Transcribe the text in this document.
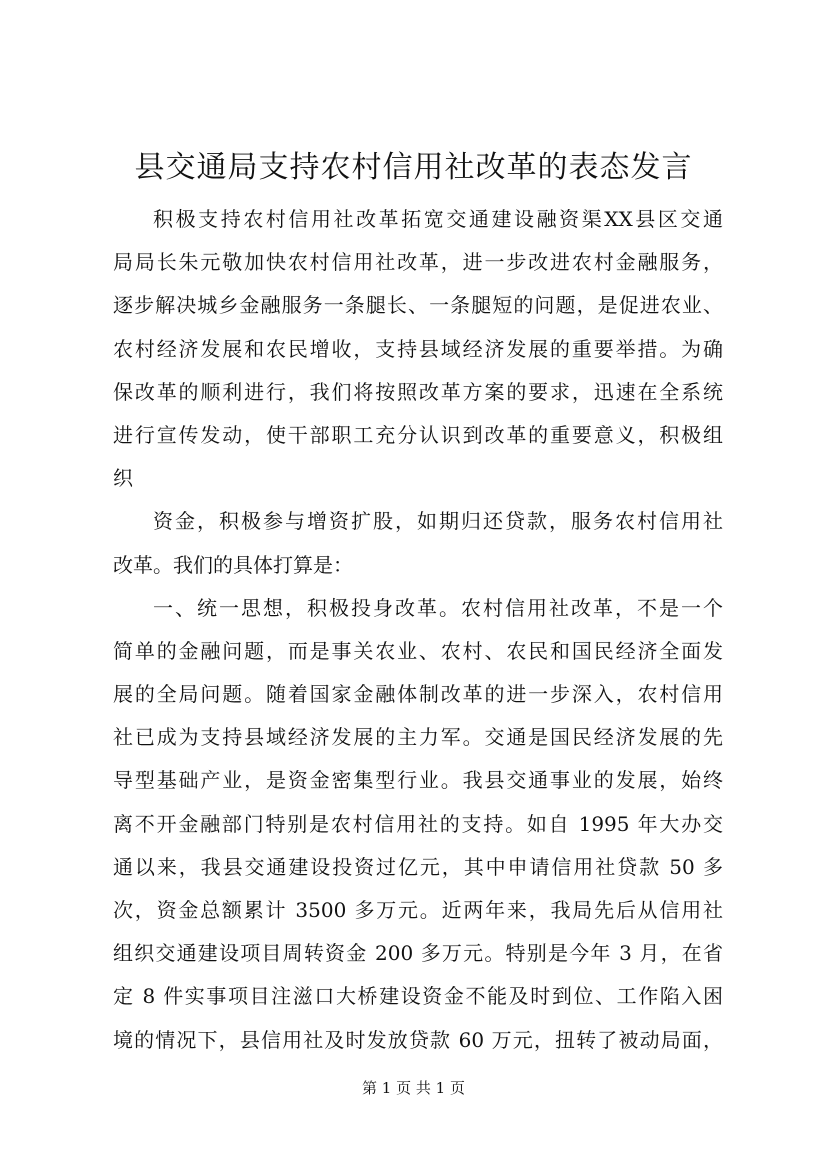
县交通局支持农村信用社改革的表态发言
积极支持农村信用社改革拓宽交通建设融资渠XX县区交通
局局长朱元敬加快农村信用社改革，进一步改进农村金融服务，
逐步解决城乡金融服务一条腿长、一条腿短的问题，是促进农业、
农村经济发展和农民增收，支持县域经济发展的重要举措。为确
保改革的顺利进行，我们将按照改革方案的要求，迅速在全系统
进行宣传发动，使干部职工充分认识到改革的重要意义，积极组
织
资金，积极参与增资扩股，如期归还贷款，服务农村信用社
改革。我们的具体打算是：
一、统一思想，积极投身改革。农村信用社改革，不是一个
简单的金融问题，而是事关农业、农村、农民和国民经济全面发
展的全局问题。随着国家金融体制改革的进一步深入，农村信用
社已成为支持县域经济发展的主力军。交通是国民经济发展的先
导型基础产业，是资金密集型行业。我县交通事业的发展，始终
离不开金融部门特别是农村信用社的支持。如自 1995 年大办交
通以来，我县交通建设投资过亿元，其中申请信用社贷款 50 多
次，资金总额累计 3500 多万元。近两年来，我局先后从信用社
组织交通建设项目周转资金 200 多万元。特别是今年 3 月，在省
定 8 件实事项目注滋口大桥建设资金不能及时到位、工作陷入困
境的情况下，县信用社及时发放贷款 60 万元，扭转了被动局面，
第 1 页 共 1 页
